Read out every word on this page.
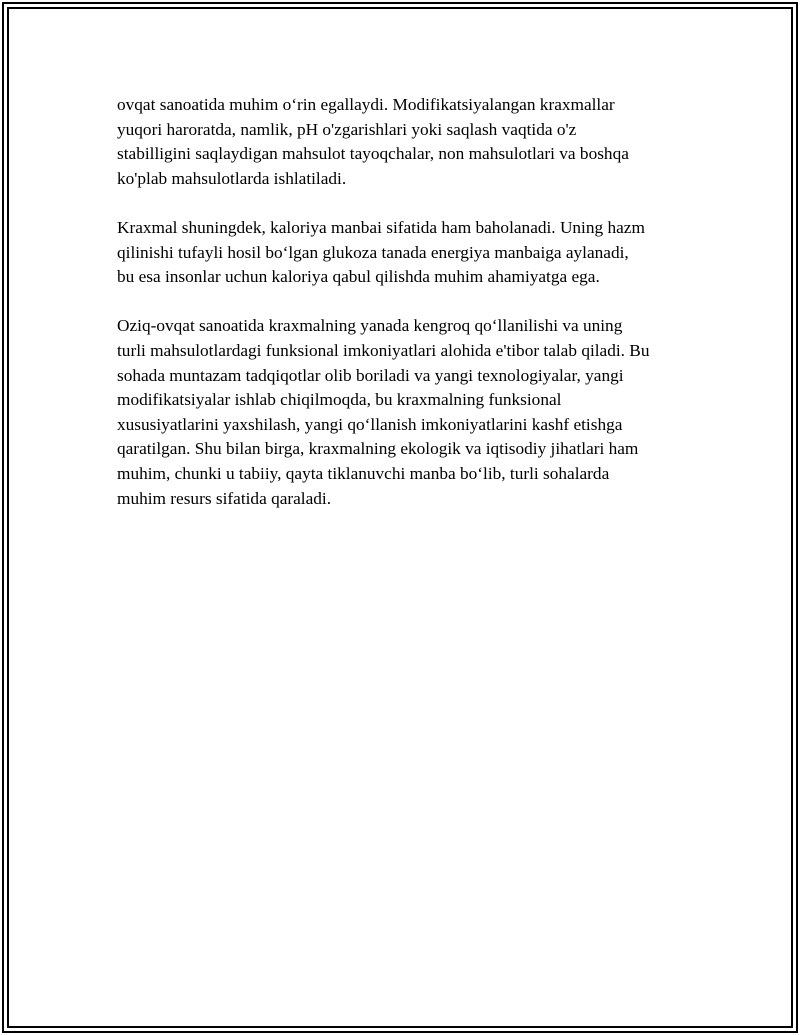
ovqat sanoatida muhim o‘rin egallaydi. Modifikatsiyalangan kraxmallar
yuqori haroratda, namlik, pH o'zgarishlari yoki saqlash vaqtida o'z
stabilligini saqlaydigan mahsulot tayoqchalar, non mahsulotlari va boshqa
ko'plab mahsulotlarda ishlatiladi.

Kraxmal shuningdek, kaloriya manbai sifatida ham baholanadi. Uning hazm
qilinishi tufayli hosil bo‘lgan glukoza tanada energiya manbaiga aylanadi,
bu esa insonlar uchun kaloriya qabul qilishda muhim ahamiyatga ega.

Oziq-ovqat sanoatida kraxmalning yanada kengroq qo‘llanilishi va uning
turli mahsulotlardagi funksional imkoniyatlari alohida e'tibor talab qiladi. Bu
sohada muntazam tadqiqotlar olib boriladi va yangi texnologiyalar, yangi
modifikatsiyalar ishlab chiqilmoqda, bu kraxmalning funksional
xususiyatlarini yaxshilash, yangi qo‘llanish imkoniyatlarini kashf etishga
qaratilgan. Shu bilan birga, kraxmalning ekologik va iqtisodiy jihatlari ham
muhim, chunki u tabiiy, qayta tiklanuvchi manba bo‘lib, turli sohalarda
muhim resurs sifatida qaraladi.
